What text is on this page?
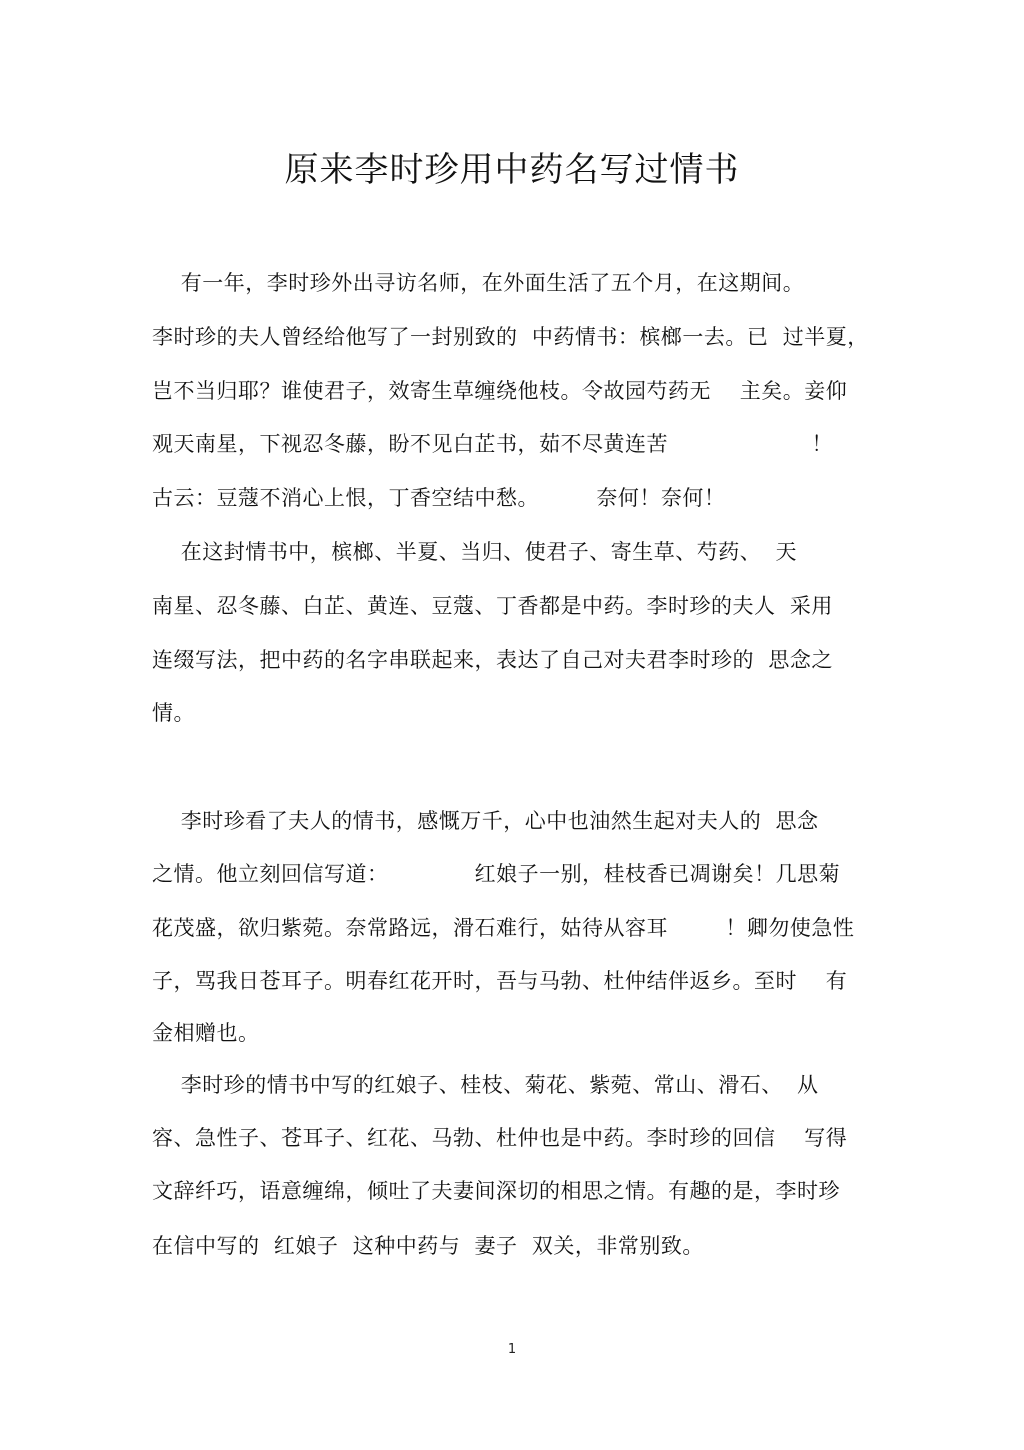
原来李时珍用中药名写过情书
有一年，李时珍外出寻访名师，在外面生活了五个月，在这期间。
李时珍的夫人曾经给他写了一封别致的  中药情书：槟榔一去。已  过半夏，
岂不当归耶？谁使君子，效寄生草缠绕他枝。令故园芍药无    主矣。妾仰
观天南星，下视忍冬藤，盼不见白芷书，茹不尽黄连苦                    ！
古云：豆蔻不消心上恨，丁香空结中愁。        奈何！奈何！
在这封情书中，槟榔、半夏、当归、使君子、寄生草、芍药、  天
南星、忍冬藤、白芷、黄连、豆蔻、丁香都是中药。李时珍的夫人  采用
连缀写法，把中药的名字串联起来，表达了自己对夫君李时珍的  思念之
情。
李时珍看了夫人的情书，感慨万千，心中也油然生起对夫人的  思念
之情。他立刻回信写道：            红娘子一别，桂枝香已凋谢矣！几思菊
花茂盛，欲归紫菀。奈常路远，滑石难行，姑待从容耳        ！卿勿使急性
子，骂我日苍耳子。明春红花开时，吾与马勃、杜仲结伴返乡。至时    有
金相赠也。
李时珍的情书中写的红娘子、桂枝、菊花、紫菀、常山、滑石、  从
容、急性子、苍耳子、红花、马勃、杜仲也是中药。李时珍的回信    写得
文辞纤巧，语意缠绵，倾吐了夫妻间深切的相思之情。有趣的是，李时珍
在信中写的  红娘子  这种中药与  妻子  双关，非常别致。
1
